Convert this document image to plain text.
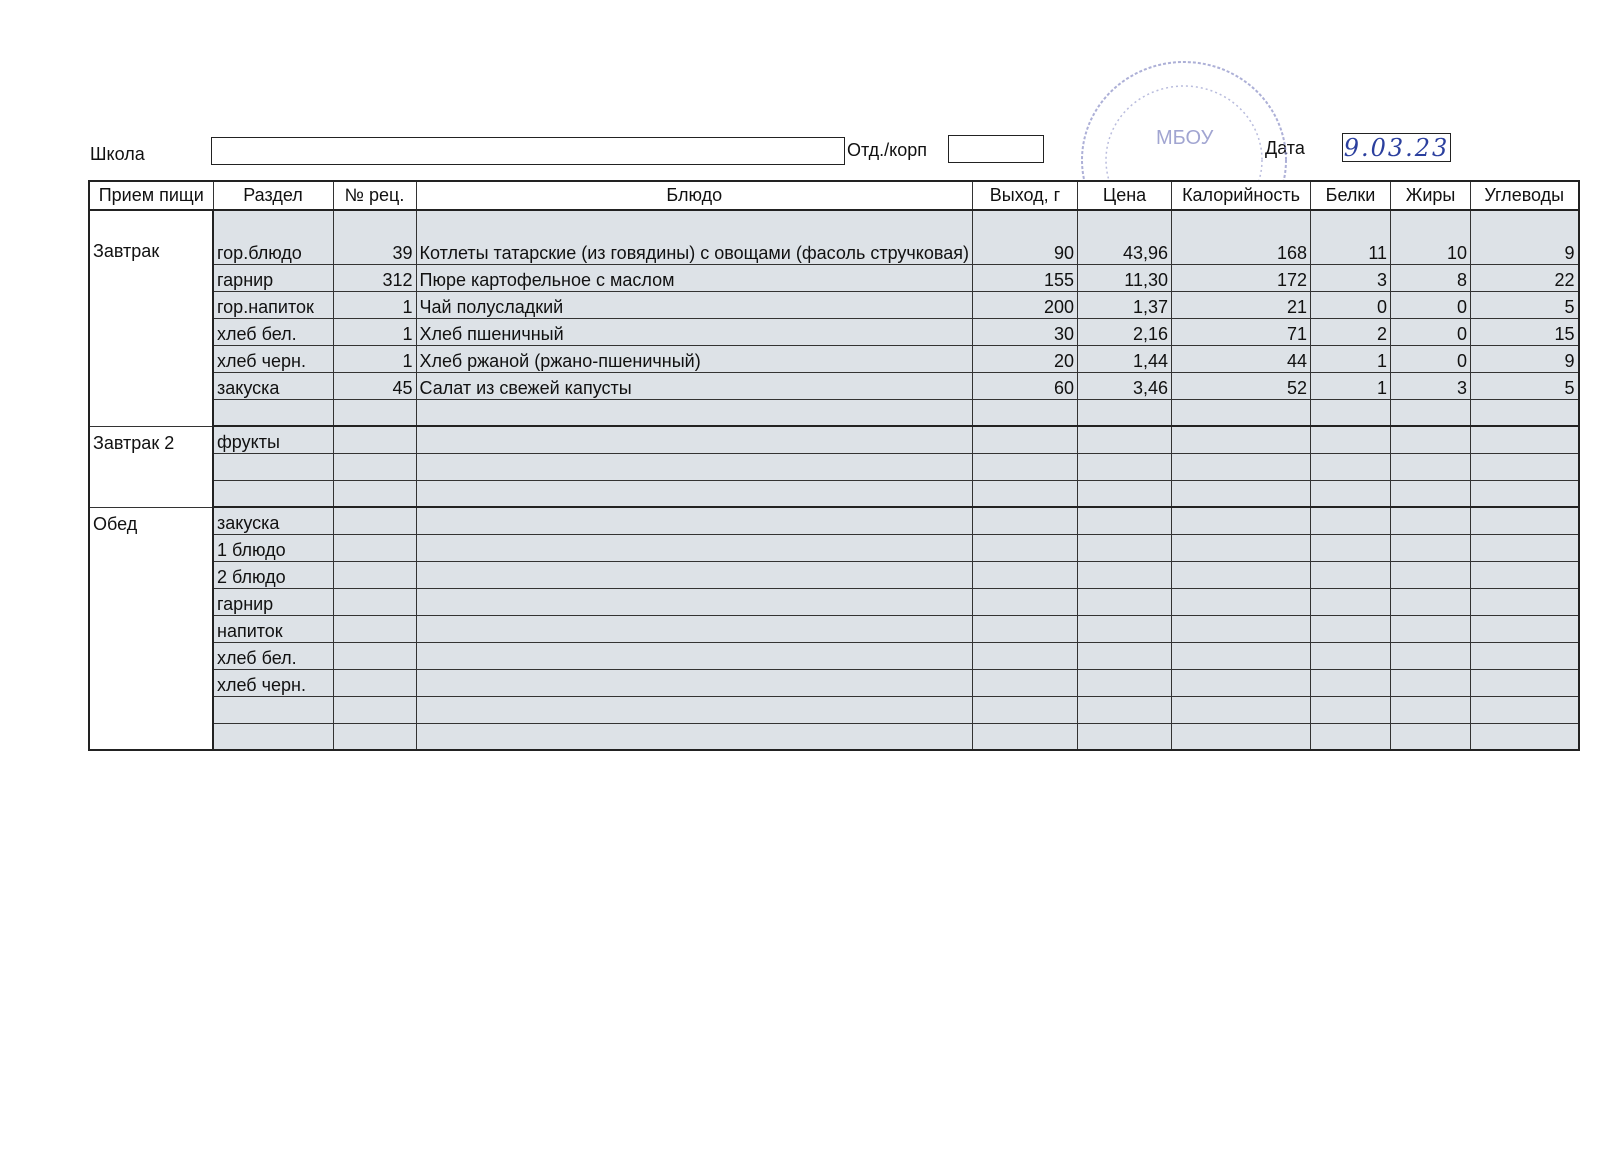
Школа	Отд./корп	Дата 9.03.23
МБОУ
Прием пищи	Раздел	№ рец.	Блюдо	Выход, г	Цена	Калорийность	Белки	Жиры	Углеводы
Завтрак	гор.блюдо	39	Котлеты татарские (из говядины) с овощами (фасоль стручковая)	90	43,96	168	11	10	9
	гарнир	312	Пюре картофельное с маслом	155	11,30	172	3	8	22
	гор.напиток	1	Чай полусладкий	200	1,37	21	0	0	5
	хлеб бел.	1	Хлеб пшеничный	30	2,16	71	2	0	15
	хлеб черн.	1	Хлеб ржаной (ржано-пшеничный)	20	1,44	44	1	0	9
	закуска	45	Салат из свежей капусты	60	3,46	52	1	3	5

Завтрак 2	фрукты								

Обед	закуска								
	1 блюдо								
	2 блюдо								
	гарнир								
	напиток								
	хлеб бел.								
	хлеб черн.								
